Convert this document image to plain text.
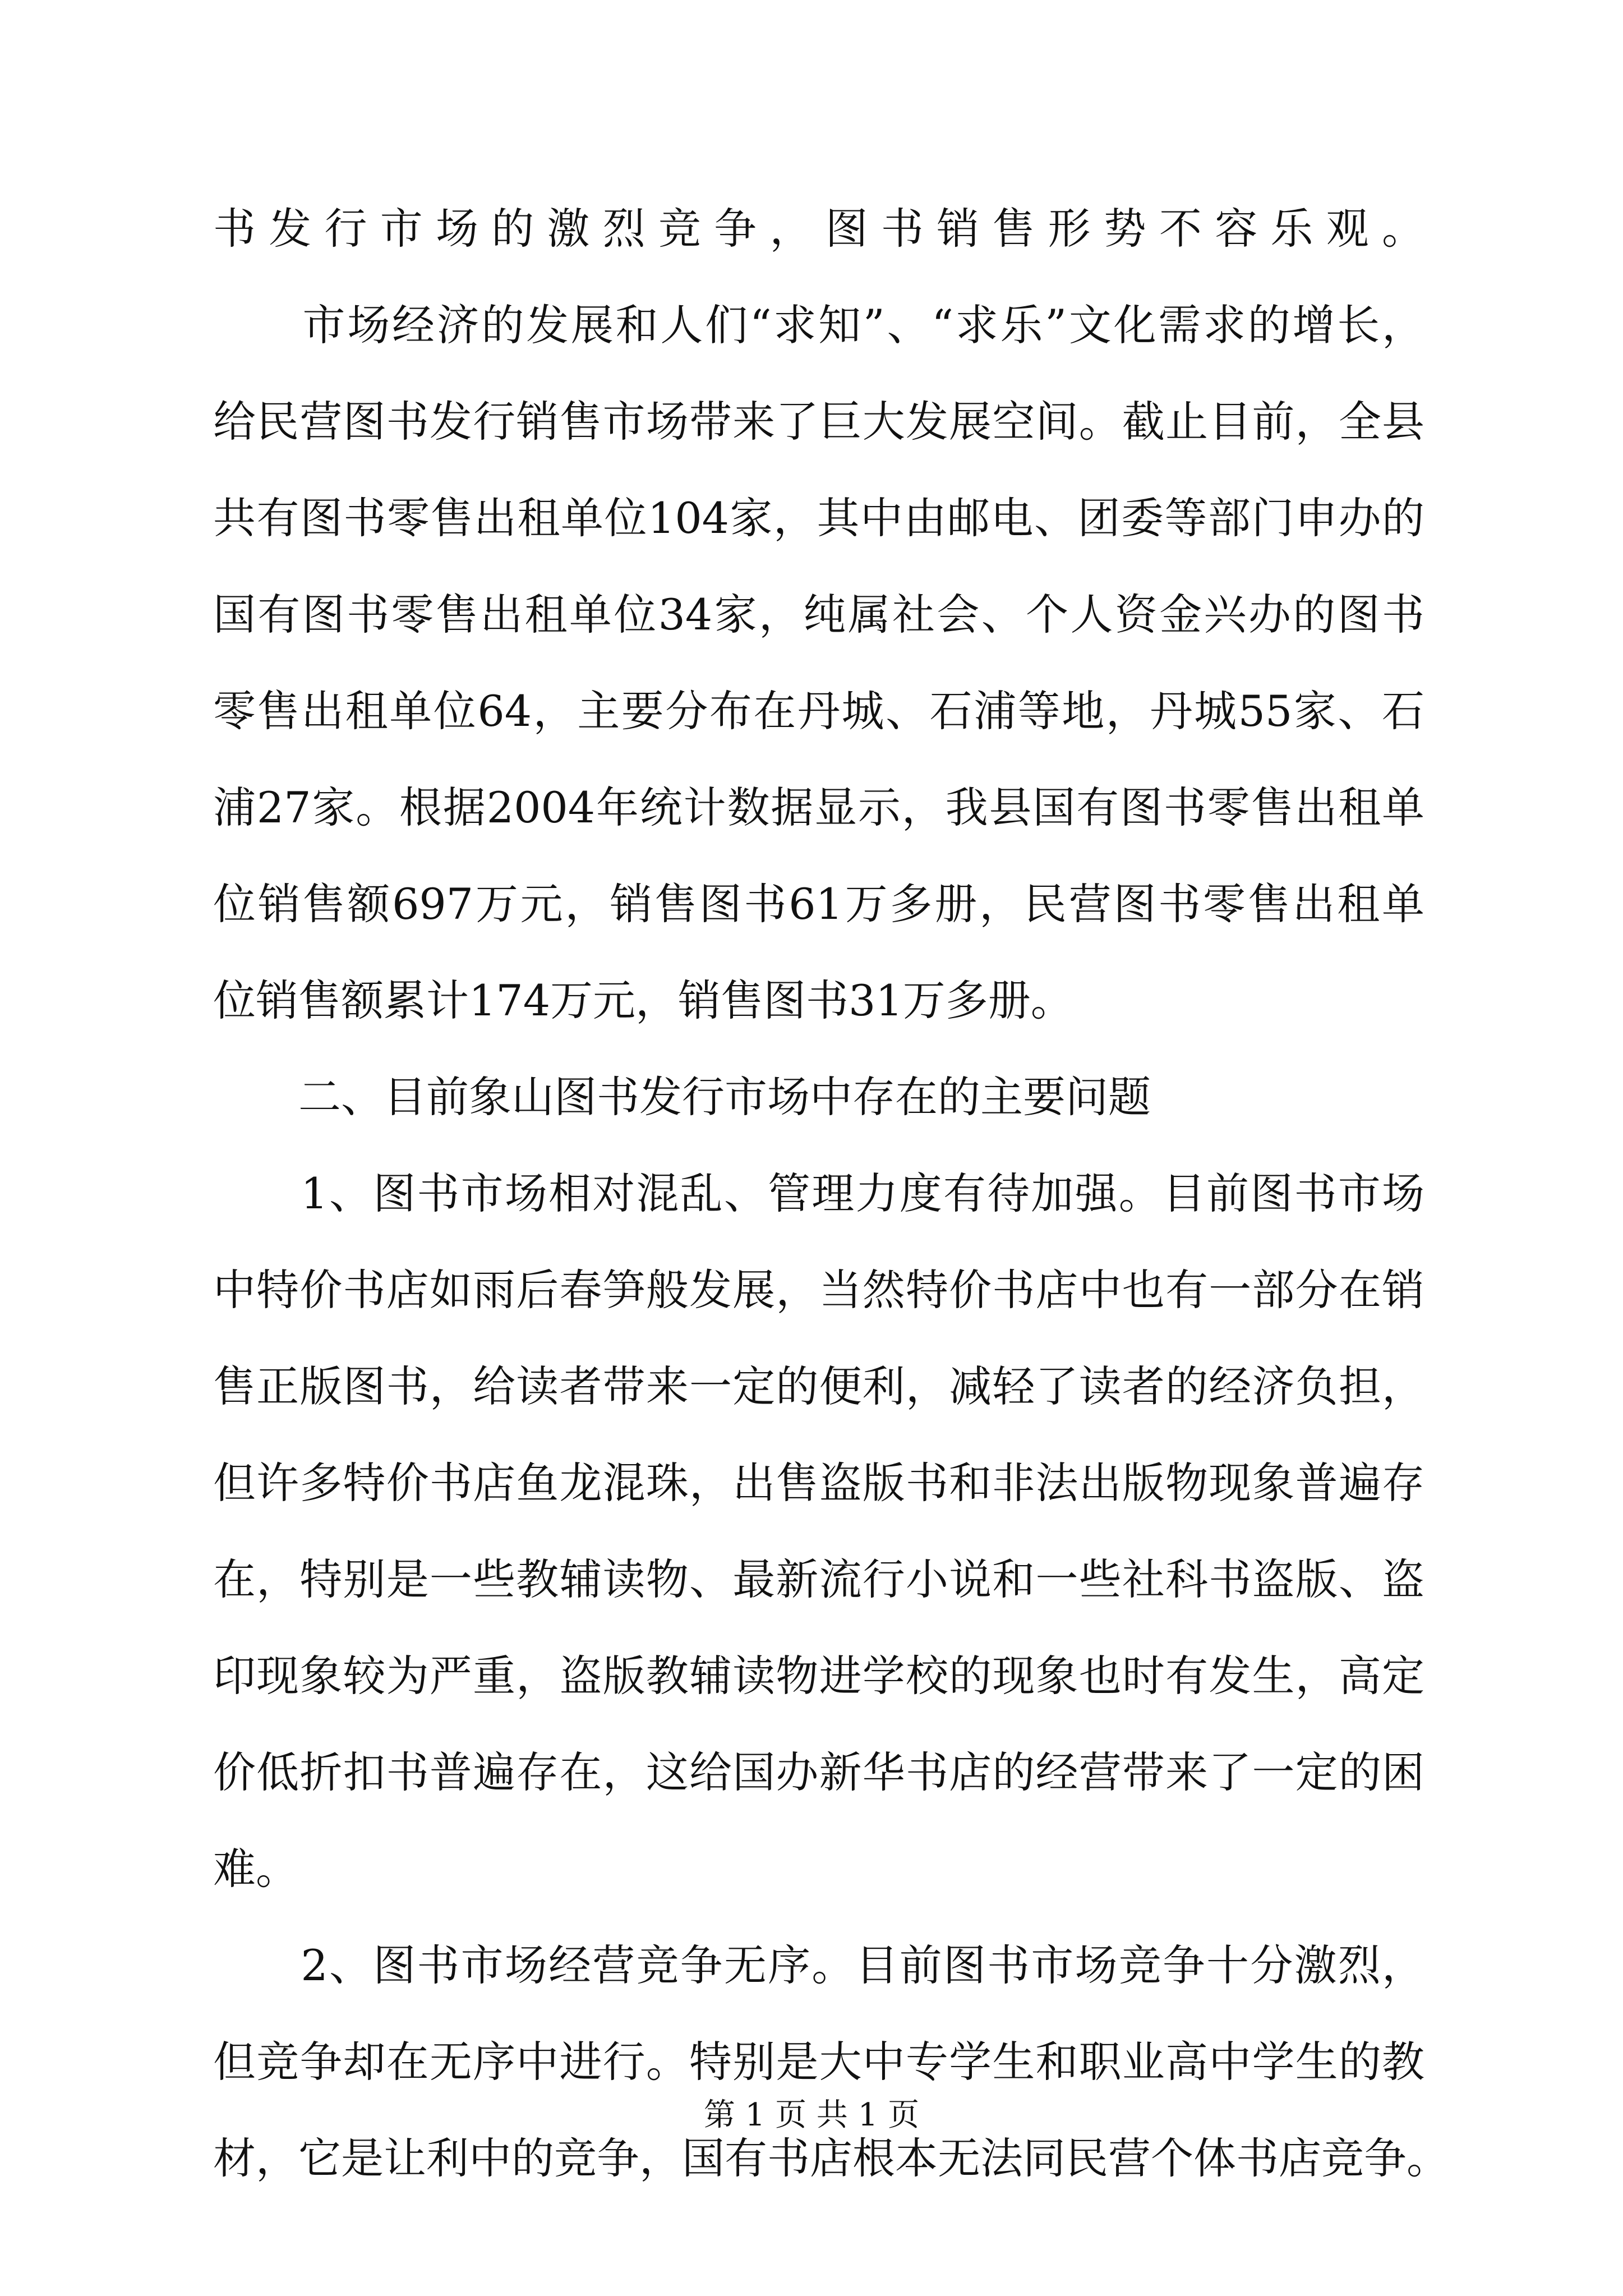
书发行市场的激烈竞争，图书销售形势不容乐观。
　　市场经济的发展和人们“求知”、“求乐”文化需求的增长，
给民营图书发行销售市场带来了巨大发展空间。截止目前，全县
共有图书零售出租单位104家，其中由邮电、团委等部门申办的
国有图书零售出租单位34家，纯属社会、个人资金兴办的图书
零售出租单位64，主要分布在丹城、石浦等地，丹城55家、石
浦27家。根据2004年统计数据显示，我县国有图书零售出租单
位销售额697万元，销售图书61万多册，民营图书零售出租单
位销售额累计174万元，销售图书31万多册。
　　二、目前象山图书发行市场中存在的主要问题
　　1、图书市场相对混乱、管理力度有待加强。目前图书市场
中特价书店如雨后春笋般发展，当然特价书店中也有一部分在销
售正版图书，给读者带来一定的便利，减轻了读者的经济负担，
但许多特价书店鱼龙混珠，出售盗版书和非法出版物现象普遍存
在，特别是一些教辅读物、最新流行小说和一些社科书盗版、盗
印现象较为严重，盗版教辅读物进学校的现象也时有发生，高定
价低折扣书普遍存在，这给国办新华书店的经营带来了一定的困
难。
　　2、图书市场经营竞争无序。目前图书市场竞争十分激烈，
但竞争却在无序中进行。特别是大中专学生和职业高中学生的教
材，它是让利中的竞争，国有书店根本无法同民营个体书店竞争。
第 1 页 共 1 页
